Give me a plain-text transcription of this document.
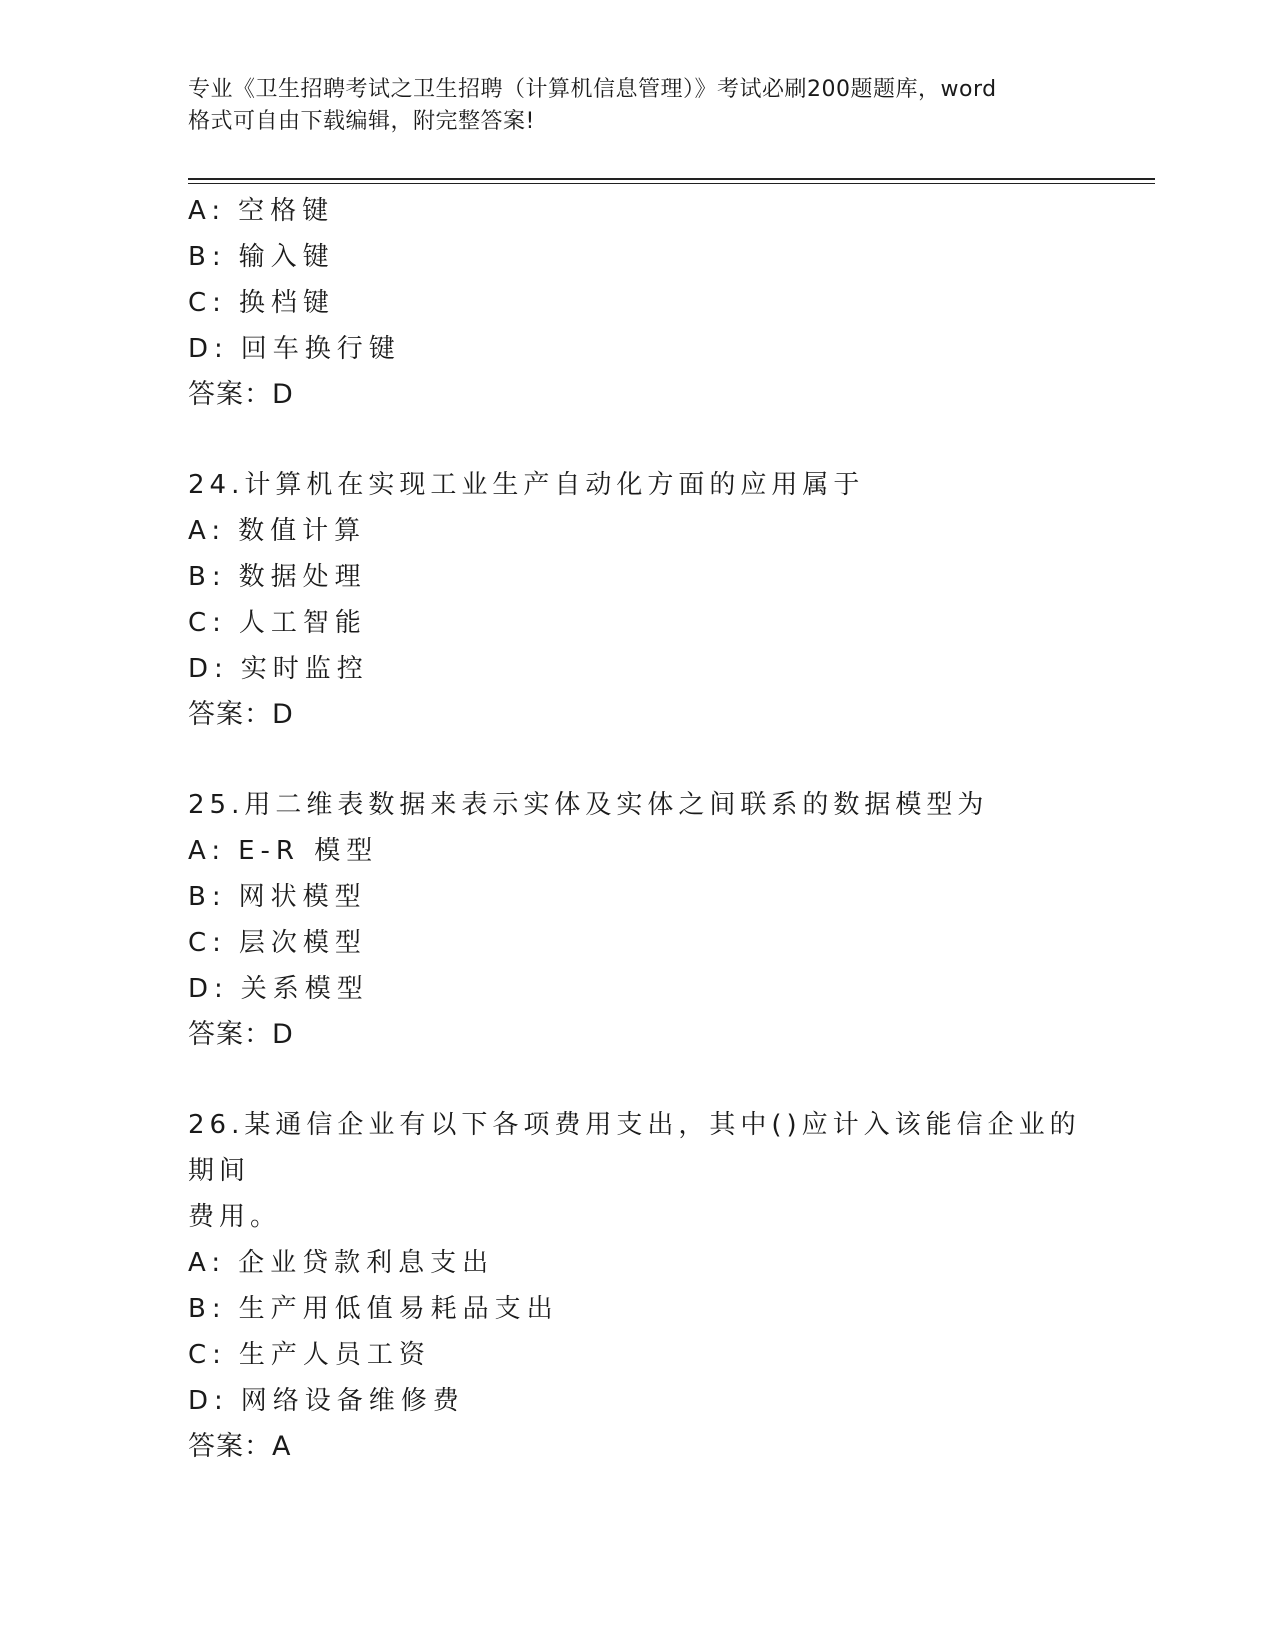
专业《卫生招聘考试之卫生招聘（计算机信息管理）》考试必刷200题题库，word
格式可自由下载编辑，附完整答案!
A: 空格键
B: 输入键
C: 换档键
D: 回车换行键
答案：D
24.计算机在实现工业生产自动化方面的应用属于
A: 数值计算
B: 数据处理
C: 人工智能
D: 实时监控
答案：D
25.用二维表数据来表示实体及实体之间联系的数据模型为
A: E-R 模型
B: 网状模型
C: 层次模型
D: 关系模型
答案：D
26.某通信企业有以下各项费用支出，其中()应计入该能信企业的期间
费用。
A: 企业贷款利息支出
B: 生产用低值易耗品支出
C: 生产人员工资
D: 网络设备维修费
答案：A
